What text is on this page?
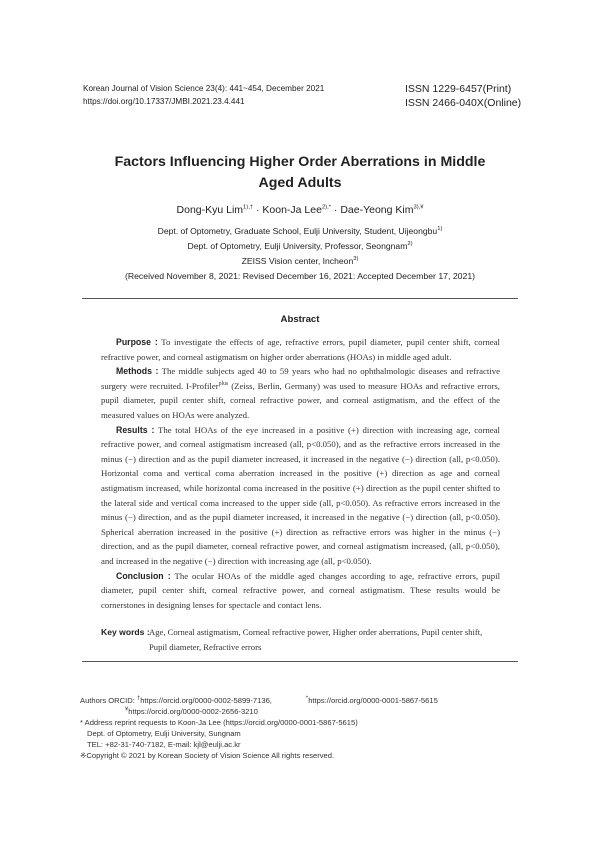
Korean Journal of Vision Science 23(4): 441~454, December 2021
https://doi.org/10.17337/JMBI.2021.23.4.441
ISSN 1229-6457(Print)
ISSN 2466-040X(Online)
Factors Influencing Higher Order Aberrations in Middle
Aged Adults
Dong-Kyu Lim$^{1),\dagger}$ · Koon-Ja Lee$^{2),*}$ · Dae-Yeong Kim$^{3),¥}$
Dept. of Optometry, Graduate School, Eulji University, Student, Uijeongbu$^{1)}$
Dept. of Optometry, Eulji University, Professor, Seongnam$^{2)}$
ZEISS Vision center, Incheon$^{3)}$
(Received November 8, 2021: Revised December 16, 2021: Accepted December 17, 2021)
Abstract

Purpose : To investigate the effects of age, refractive errors, pupil diameter, pupil center shift, corneal refractive power, and corneal astigmatism on higher order aberrations (HOAs) in middle aged adult.

Methods : The middle subjects aged 40 to 59 years who had no ophthalmologic diseases and refractive surgery were recruited. I-Profiler$^{plus}$ (Zeiss, Berlin, Germany) was used to measure HOAs and refractive errors, pupil diameter, pupil center shift, corneal refractive power, and corneal astigmatism, and the effect of the measured values on HOAs were analyzed.

Results : The total HOAs of the eye increased in a positive (+) direction with increasing age, corneal refractive power, and corneal astigmatism increased (all, p<0.050), and as the refractive errors increased in the minus (−) direction and as the pupil diameter increased, it increased in the negative (−) direction (all, p<0.050). Horizontal coma and vertical coma aberration increased in the positive (+) direction as age and corneal astigmatism increased, while horizontal coma increased in the positive (+) direction as the pupil center shifted to the lateral side and vertical coma increased to the upper side (all, p<0.050). As refractive errors increased in the minus (−) direction, and as the pupil diameter increased, it increased in the negative (−) direction (all, p<0.050). Spherical aberration increased in the positive (+) direction as refractive errors was higher in the minus (−) direction, and as the pupil diameter, corneal refractive power, and corneal astigmatism increased, (all, p<0.050), and increased in the negative (−) direction with increasing age (all, p<0.050).

Conclusion : The ocular HOAs of the middle aged changes according to age, refractive errors, pupil diameter, pupil center shift, corneal refractive power, and corneal astigmatism. These results would be cornerstones in designing lenses for spectacle and contact lens.

Key words : Age, Corneal astigmatism, Corneal refractive power, Higher order aberrations, Pupil center shift, Pupil diameter, Refractive errors
Authors ORCID: †https://orcid.org/0000-0002-5899-7136,	*https://orcid.org/0000-0001-5867-5615
¥https://orcid.org/0000-0002-2656-3210
* Address reprint requests to Koon-Ja Lee (https://orcid.org/0000-0001-5867-5615)
Dept. of Optometry, Eulji University, Sungnam
TEL: +82-31-740-7182, E-mail: kjl@eulji.ac.kr
※Copyright © 2021 by Korean Society of Vision Science All rights reserved.
